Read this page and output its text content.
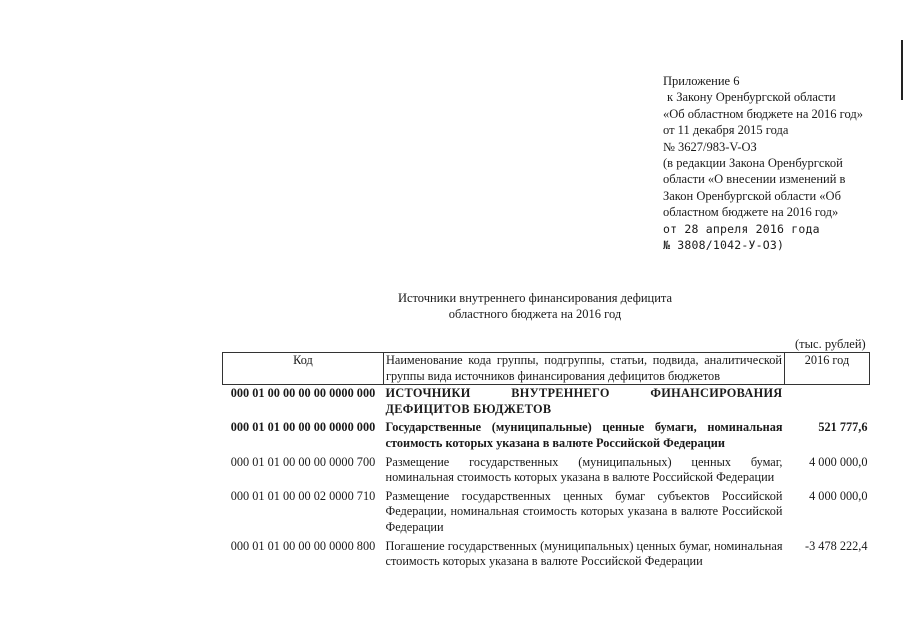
Приложение 6
к Закону Оренбургской области
«Об областном бюджете на 2016 год»
от 11 декабря 2015 года
№ 3627/983-V-ОЗ
(в редакции Закона Оренбургской
области «О внесении изменений в
Закон Оренбургской области «Об
областном бюджете на 2016 год»
от 28 апреля 2016 года
№ 3808/1042-У-ОЗ)
Источники внутреннего финансирования дефицита
областного бюджета на 2016 год
(тыс. рублей)
Код	Наименование кода группы, подгруппы, статьи, подвида, аналитической группы вида источников финансирования дефицитов бюджетов	2016 год
000 01 00 00 00 00 0000 000	ИСТОЧНИКИ ВНУТРЕННЕГО ФИНАНСИРОВАНИЯ ДЕФИЦИТОВ БЮДЖЕТОВ	
000 01 01 00 00 00 0000 000	Государственные (муниципальные) ценные бумаги, номинальная стоимость которых указана в валюте Российской Федерации	521 777,6
000 01 01 00 00 00 0000 700	Размещение государственных (муниципальных) ценных бумаг, номинальная стоимость которых указана в валюте Российской Федерации	4 000 000,0
000 01 01 00 00 02 0000 710	Размещение государственных ценных бумаг субъектов Российской Федерации, номинальная стоимость которых указана в валюте Российской Федерации	4 000 000,0
000 01 01 00 00 00 0000 800	Погашение государственных (муниципальных) ценных бумаг, номинальная стоимость которых указана в валюте Российской Федерации	-3 478 222,4
